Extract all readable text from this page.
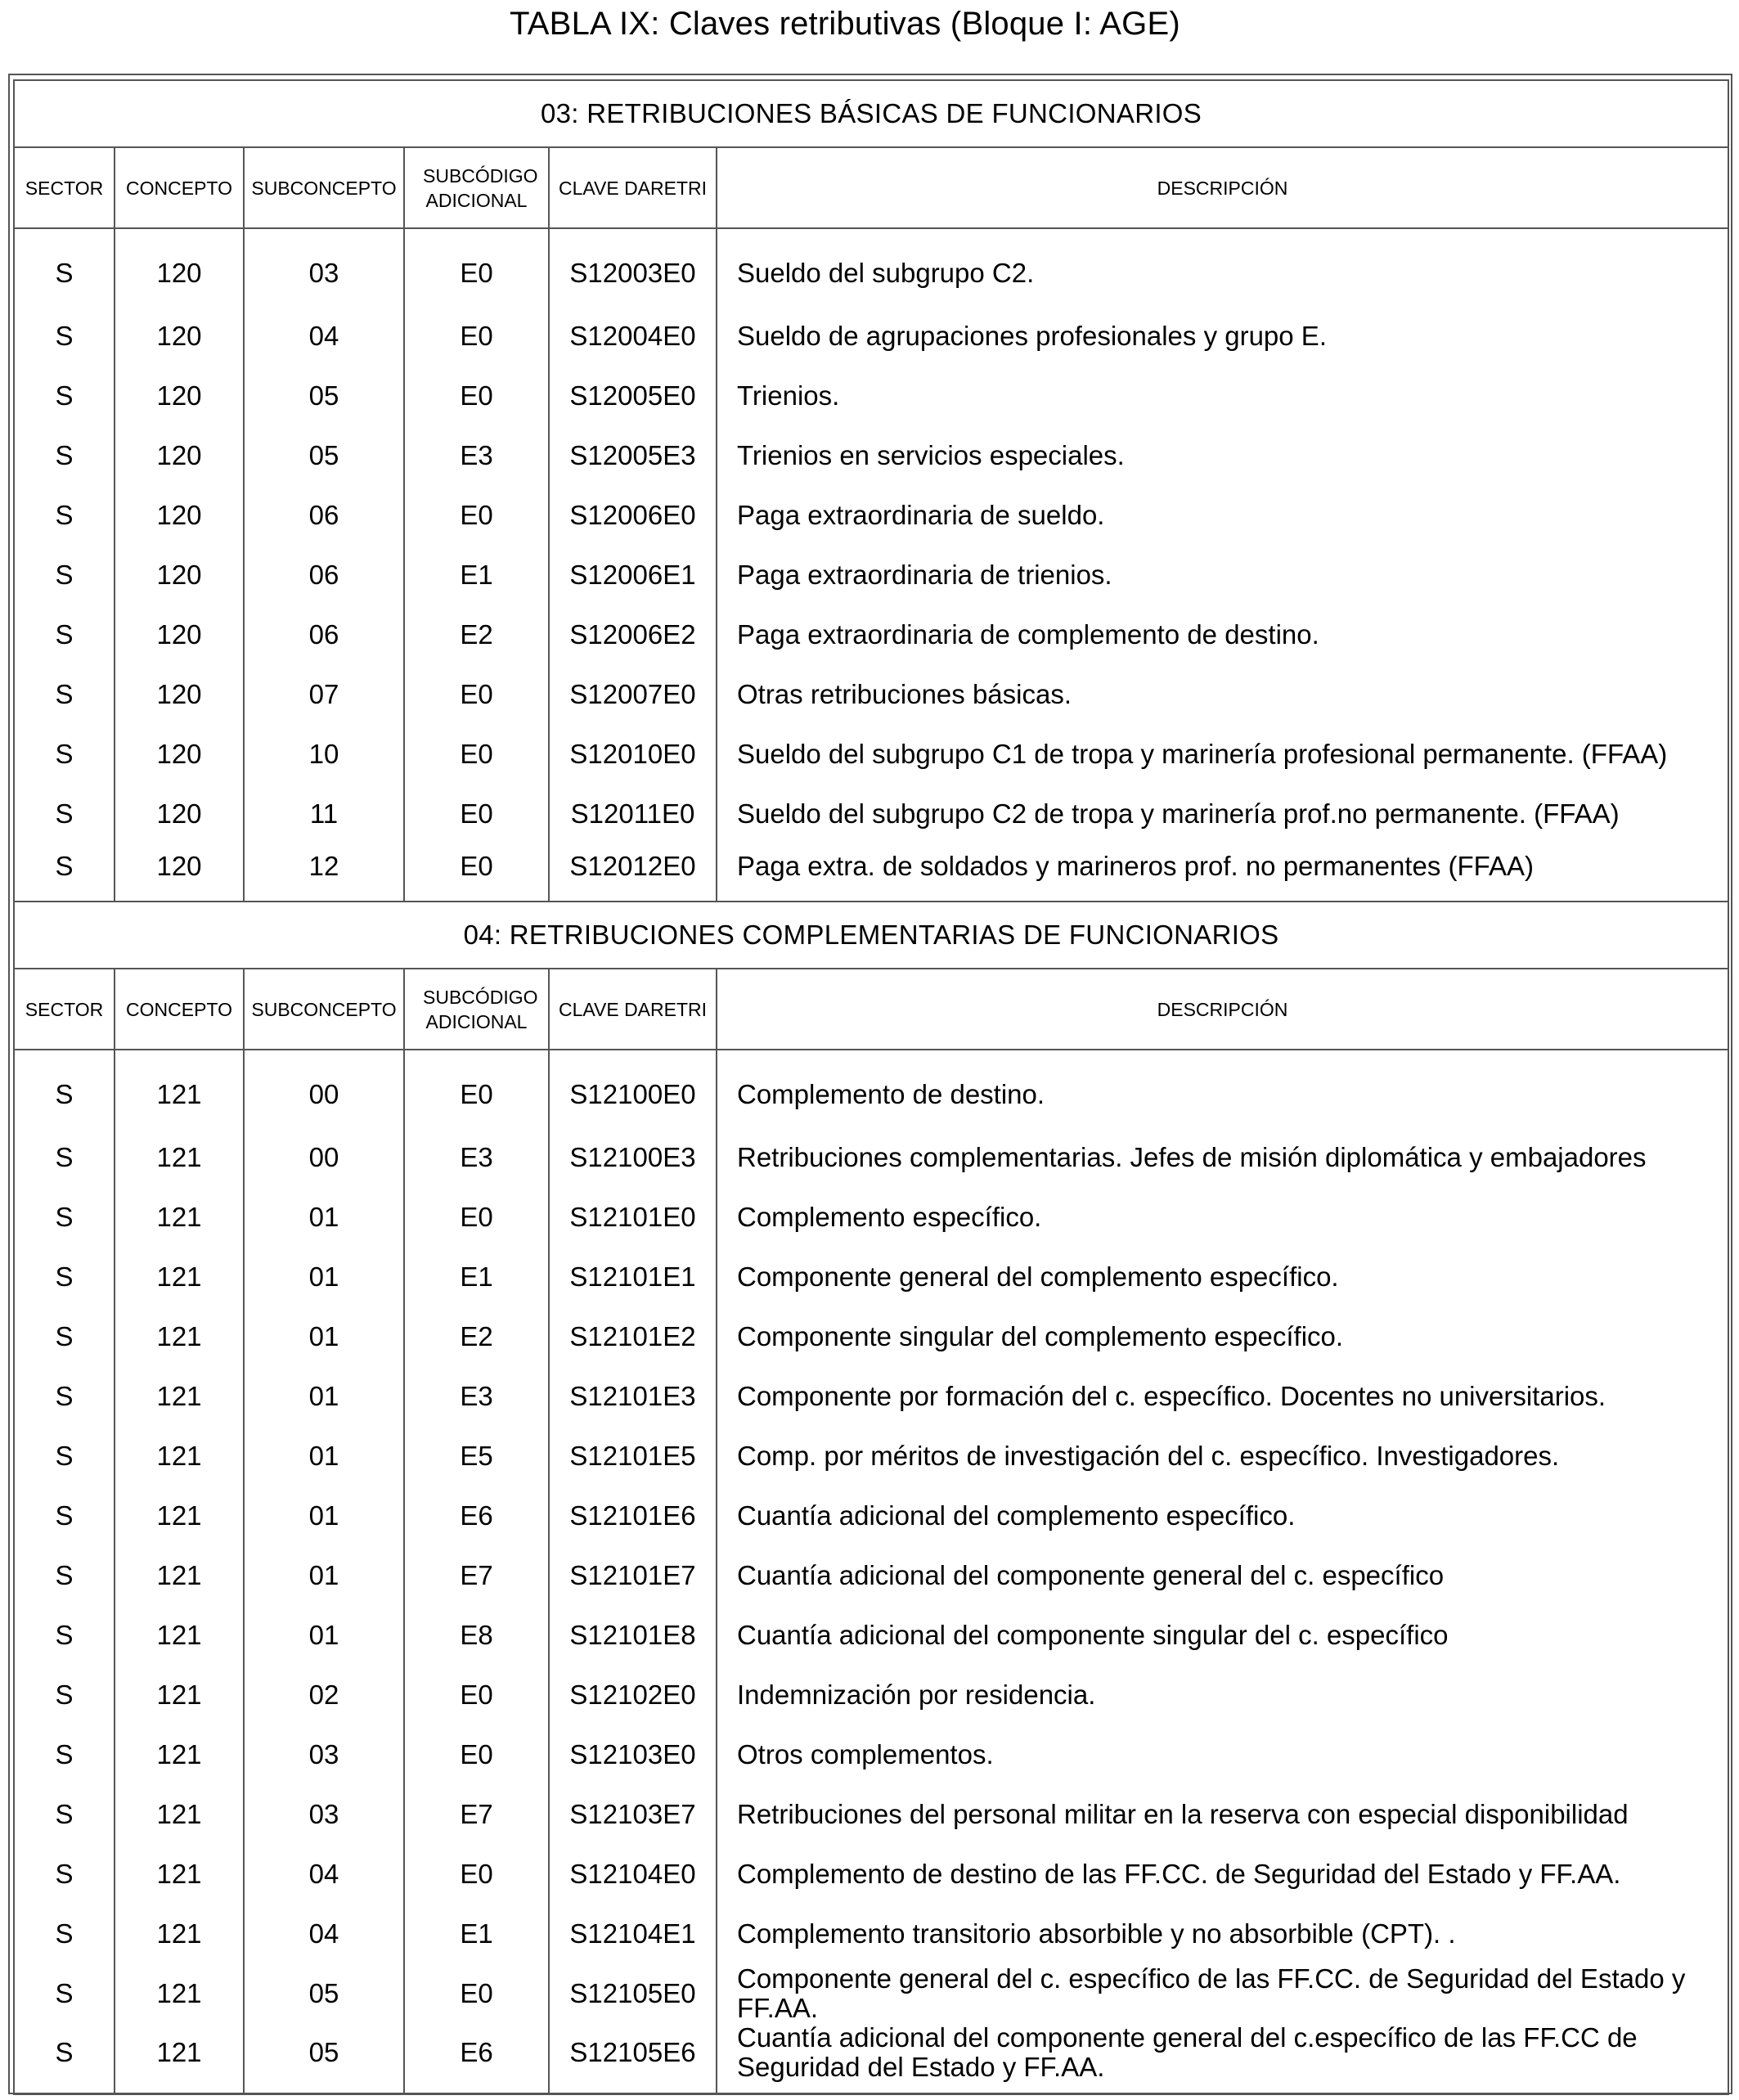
TABLA IX: Claves retributivas (Bloque I: AGE)
03: RETRIBUCIONES BÁSICAS DE FUNCIONARIOS					
SECTOR	CONCEPTO	SUBCONCEPTO	SUBCÓDIGO ADICIONAL	CLAVE DARETRI	DESCRIPCIÓN
S	120	03	E0	S12003E0	Sueldo del subgrupo C2.
S	120	04	E0	S12004E0	Sueldo de agrupaciones profesionales y grupo E.
S	120	05	E0	S12005E0	Trienios.
S	120	05	E3	S12005E3	Trienios en servicios especiales.
S	120	06	E0	S12006E0	Paga extraordinaria de sueldo.
S	120	06	E1	S12006E1	Paga extraordinaria de trienios.
S	120	06	E2	S12006E2	Paga extraordinaria de complemento de destino.
S	120	07	E0	S12007E0	Otras retribuciones básicas.
S	120	10	E0	S12010E0	Sueldo del subgrupo C1 de tropa y marinería profesional permanente. (FFAA)
S	120	11	E0	S12011E0	Sueldo del subgrupo C2 de tropa y marinería prof.no permanente. (FFAA)
S	120	12	E0	S12012E0	Paga extra. de soldados y marineros prof. no permanentes (FFAA)
04: RETRIBUCIONES COMPLEMENTARIAS DE FUNCIONARIOS					
SECTOR	CONCEPTO	SUBCONCEPTO	SUBCÓDIGO ADICIONAL	CLAVE DARETRI	DESCRIPCIÓN
S	121	00	E0	S12100E0	Complemento de destino.
S	121	00	E3	S12100E3	Retribuciones complementarias. Jefes de misión diplomática y embajadores
S	121	01	E0	S12101E0	Complemento específico.
S	121	01	E1	S12101E1	Componente general del complemento específico.
S	121	01	E2	S12101E2	Componente singular del complemento específico.
S	121	01	E3	S12101E3	Componente por formación del c. específico. Docentes no universitarios.
S	121	01	E5	S12101E5	Comp. por méritos de investigación del c. específico. Investigadores.
S	121	01	E6	S12101E6	Cuantía adicional del complemento específico.
S	121	01	E7	S12101E7	Cuantía adicional del componente general del c. específico
S	121	01	E8	S12101E8	Cuantía adicional del componente singular del c. específico
S	121	02	E0	S12102E0	Indemnización por residencia.
S	121	03	E0	S12103E0	Otros complementos.
S	121	03	E7	S12103E7	Retribuciones del personal militar en la reserva con especial disponibilidad
S	121	04	E0	S12104E0	Complemento de destino de las FF.CC. de Seguridad del Estado y FF.AA.
S	121	04	E1	S12104E1	Complemento transitorio absorbible y no absorbible (CPT). .
S	121	05	E0	S12105E0	Componente general del c. específico de las FF.CC. de Seguridad del Estado y FF.AA.
S	121	05	E6	S12105E6	Cuantía adicional del componente general del c.específico de las FF.CC de Seguridad del Estado y FF.AA.
